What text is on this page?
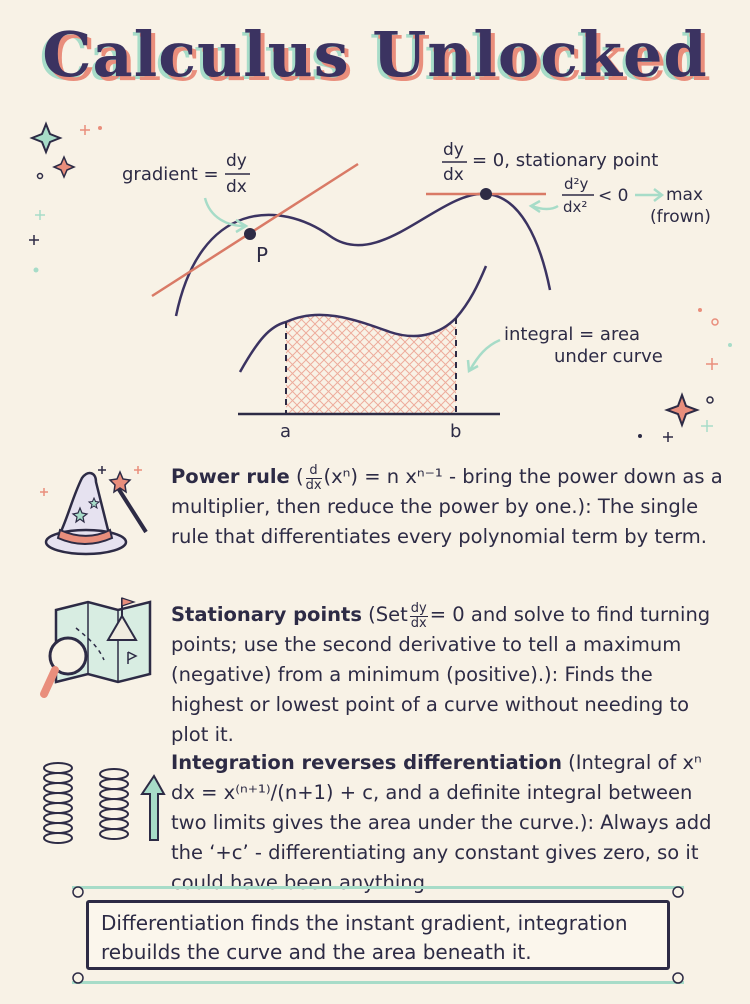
Calculus Unlocked
P
gradient =
dy
dx
dy
dx
= 0, stationary point
d²y
dx²
< 0 max
(frown)
a	b
integral = area
under curve
Power rule ( $\frac{d}{dx} (x^n) = n$ xⁿ⁻¹ - bring the power down as a multiplier, then reduce the power by one.): The single rule that differentiates every polynomial term by term.
Stationary points ($Set \frac{dy}{dx} = 0$ and solve to find turning points; use the second derivative to tell a maximum (negative) from a minimum (positive).): Finds the highest or lowest point of a curve without needing to plot it.
Integration reverses differentiation (Integral of xⁿ dx = x⁽ⁿ⁺¹⁾/(n+1) + c, and a definite integral between two limits gives the area under the curve.): Always add the ‘+c’ - differentiating any constant gives zero, so it could have been anything.
Differentiation finds the instant gradient, integration rebuilds the curve and the area beneath it.
